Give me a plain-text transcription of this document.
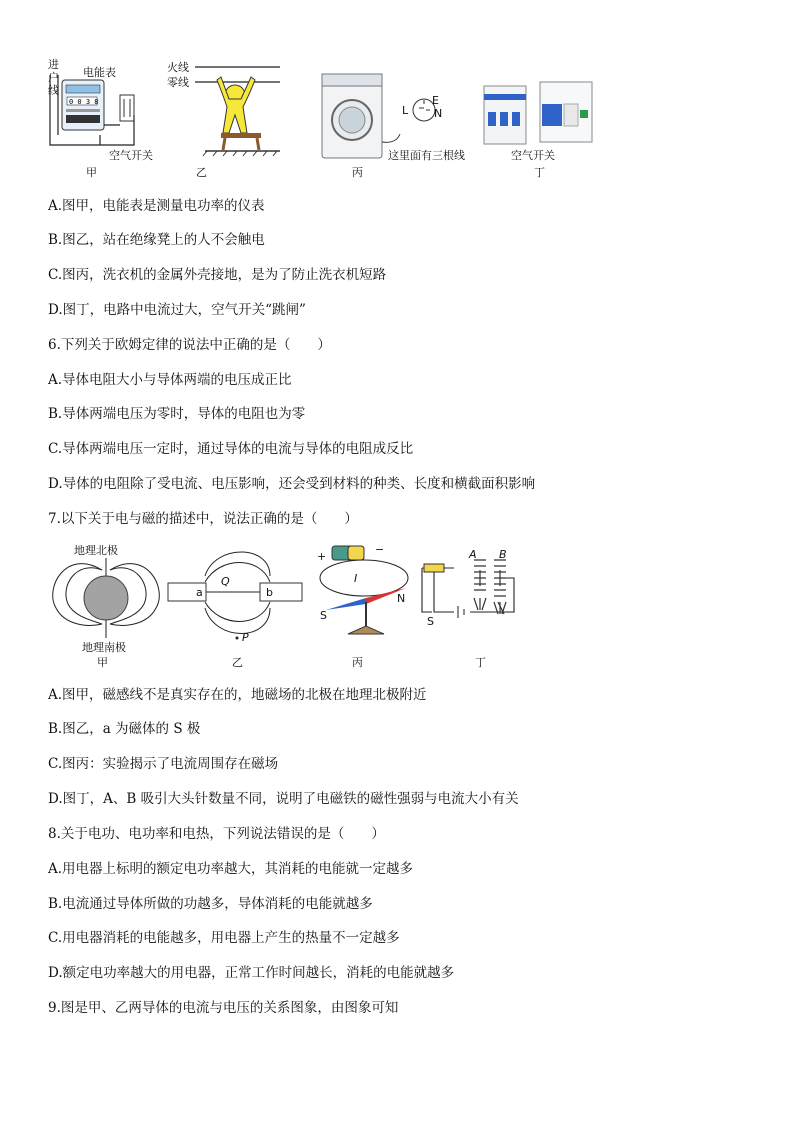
0 0 3 8
进户线
电能表
空气开关
甲
火线
零线
乙
L
E
N
这里面有三根线
丙
空气开关
丁
A.图甲，电能表是测量电功率的仪表
B.图乙，站在绝缘凳上的人不会触电
C.图丙，洗衣机的金属外壳接地，是为了防止洗衣机短路
D.图丁，电路中电流过大，空气开关“跳闸”
6.下列关于欧姆定律的说法中正确的是（　　）
A.导体电阻大小与导体两端的电压成正比
B.导体两端电压为零时，导体的电阻也为零
C.导体两端电压一定时，通过导体的电流与导体的电阻成反比
D.导体的电阻除了受电流、电压影响，还会受到材料的种类、长度和横截面积影响
7.以下关于电与磁的描述中，说法正确的是（　　）
地理北极
地理南极
甲
Q
a	b
P
乙
+
−
I
S
N
丙
A B
S
丁
A.图甲，磁感线不是真实存在的，地磁场的北极在地理北极附近
B.图乙，a 为磁体的 S 极
C.图丙：实验揭示了电流周围存在磁场
D.图丁，A、B 吸引大头针数量不同，说明了电磁铁的磁性强弱与电流大小有关
8.关于电功、电功率和电热，下列说法错误的是（　　）
A.用电器上标明的额定电功率越大，其消耗的电能就一定越多
B.电流通过导体所做的功越多，导体消耗的电能就越多
C.用电器消耗的电能越多，用电器上产生的热量不一定越多
D.额定电功率越大的用电器，正常工作时间越长，消耗的电能就越多
9.图是甲、乙两导体的电流与电压的关系图象，由图象可知
